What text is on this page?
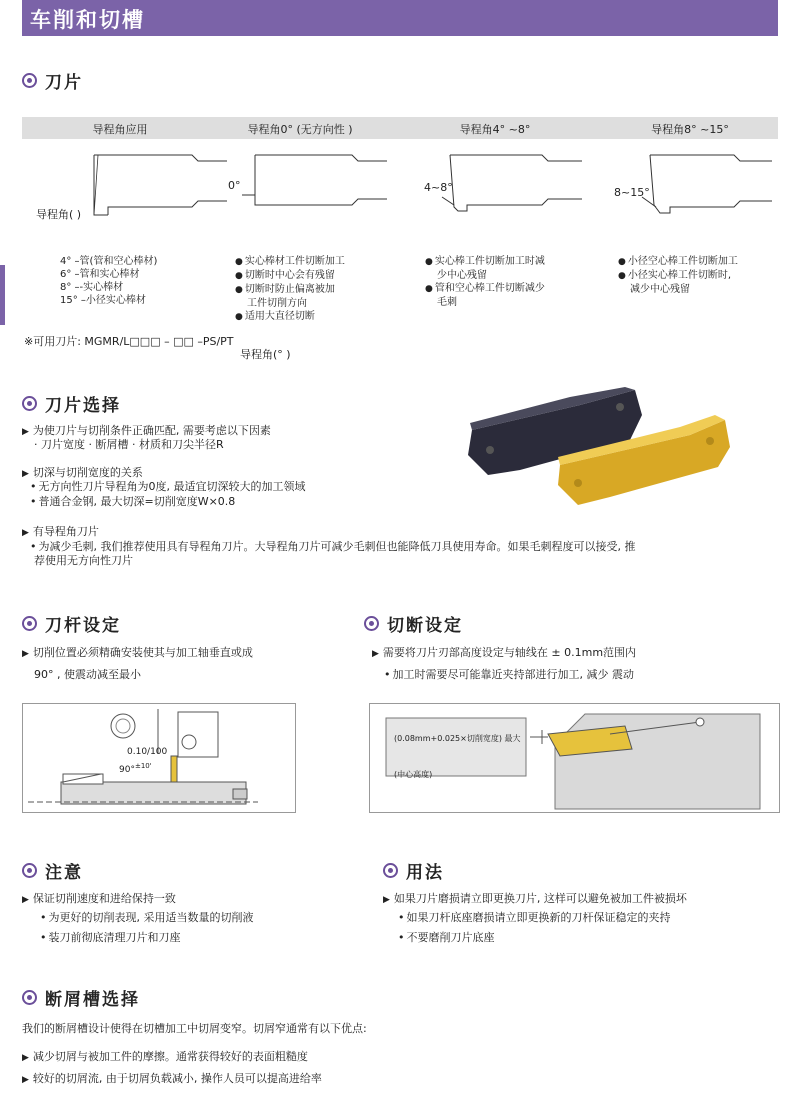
车削和切槽
刀片
导程角应用	导程角0° (无方向性 )	导程角4° ~8°	导程角8° ~15°
导程角( )
0°	4~8°	8~15°
4° –管(管和空心棒材)
6° –管和实心棒材
8° –-实心棒材
15° –小径实心棒材
● 实心棒材工件切断加工
● 切断时中心会有残留
● 切断时防止偏离被加
工件切削方向
● 适用大直径切断
● 实心棒工件切断加工时减
少中心残留
● 管和空心棒工件切断减少
毛刺
● 小径空心棒工件切断加工
● 小径实心棒工件切断时,
减少中心残留
※可用刀片: MGMR/L□□□ – □□ –PS/PT
导程角(° )
刀片选择
▶ 为使刀片与切削条件正确匹配, 需要考虑以下因素
· 刀片宽度 · 断屑槽 · 材质和刀尖半径R
▶ 切深与切削宽度的关系
• 无方向性刀片导程角为0度, 最适宜切深较大的加工领域
• 普通合金钢, 最大切深=切削宽度W×0.8
▶ 有导程角刀片
• 为减少毛刺, 我们推荐使用具有导程角刀片。大导程角刀片可减少毛刺但也能降低刀具使用寿命。如果毛刺程度可以接受, 推
荐使用无方向性刀片
刀杆设定
▶ 切削位置必须精确安装使其与加工轴垂直或成
90° , 使震动减至最小
0.10/100
90°$^{\pm 10'}$
切断设定
▶ 需要将刀片刃部高度设定与轴线在 ± 0.1mm范围内
• 加工时需要尽可能靠近夹持部进行加工, 减少 震动
(0.08mm+0.025×切削宽度) 最大
(中心高度)
注意
▶ 保证切削速度和进给保持一致
• 为更好的切削表现, 采用适当数量的切削液
• 装刀前彻底清理刀片和刀座
用法
▶ 如果刀片磨损请立即更换刀片, 这样可以避免被加工件被损坏
• 如果刀杆底座磨损请立即更换新的刀杆保证稳定的夹持
• 不要磨削刀片底座
断屑槽选择
我们的断屑槽设计使得在切槽加工中切屑变窄。切屑窄通常有以下优点:
▶ 减少切屑与被加工件的摩擦。通常获得较好的表面粗糙度
▶ 较好的切屑流, 由于切屑负载减小, 操作人员可以提高进给率
